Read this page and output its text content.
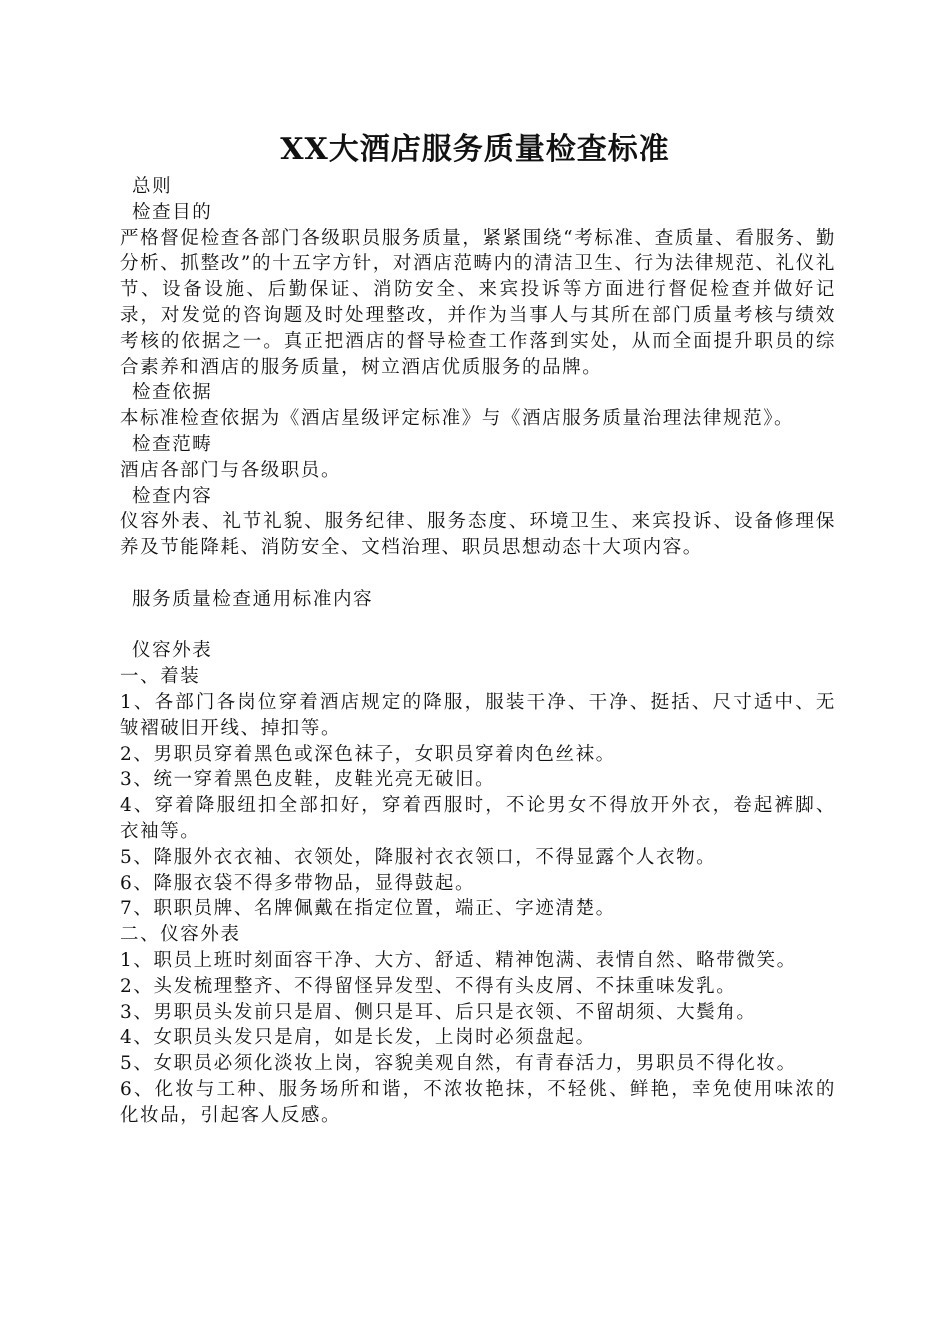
XX大酒店服务质量检查标准

总则

检查目的

严格督促检查各部门各级职员服务质量，紧紧围绕“考标准、查质量、看服务、勤分析、抓整改”的十五字方针，对酒店范畴内的清洁卫生、行为法律规范、礼仪礼节、设备设施、后勤保证、消防安全、来宾投诉等方面进行督促检查并做好记录，对发觉的咨询题及时处理整改，并作为当事人与其所在部门质量考核与绩效考核的依据之一。真正把酒店的督导检查工作落到实处，从而全面提升职员的综合素养和酒店的服务质量，树立酒店优质服务的品牌。

检查依据

本标准检查依据为《酒店星级评定标准》与《酒店服务质量治理法律规范》。

检查范畴

酒店各部门与各级职员。

检查内容

仪容外表、礼节礼貌、服务纪律、服务态度、环境卫生、来宾投诉、设备修理保养及节能降耗、消防安全、文档治理、职员思想动态十大项内容。

服务质量检查通用标准内容

仪容外表

一、着装

1、各部门各岗位穿着酒店规定的降服，服装干净、干净、挺括、尺寸适中、无皱褶破旧开线、掉扣等。

2、男职员穿着黑色或深色袜子，女职员穿着肉色丝袜。

3、统一穿着黑色皮鞋，皮鞋光亮无破旧。

4、穿着降服纽扣全部扣好，穿着西服时，不论男女不得放开外衣，卷起裤脚、衣袖等。

5、降服外衣衣袖、衣领处，降服衬衣衣领口，不得显露个人衣物。

6、降服衣袋不得多带物品，显得鼓起。

7、职职员牌、名牌佩戴在指定位置，端正、字迹清楚。

二、仪容外表

1、职员上班时刻面容干净、大方、舒适、精神饱满、表情自然、略带微笑。

2、头发梳理整齐、不得留怪异发型、不得有头皮屑、不抹重味发乳。

3、男职员头发前只是眉、侧只是耳、后只是衣领、不留胡须、大鬓角。

4、女职员头发只是肩，如是长发，上岗时必须盘起。

5、女职员必须化淡妆上岗，容貌美观自然，有青春活力，男职员不得化妆。

6、化妆与工种、服务场所和谐，不浓妆艳抹，不轻佻、鲜艳，幸免使用味浓的化妆品，引起客人反感。
